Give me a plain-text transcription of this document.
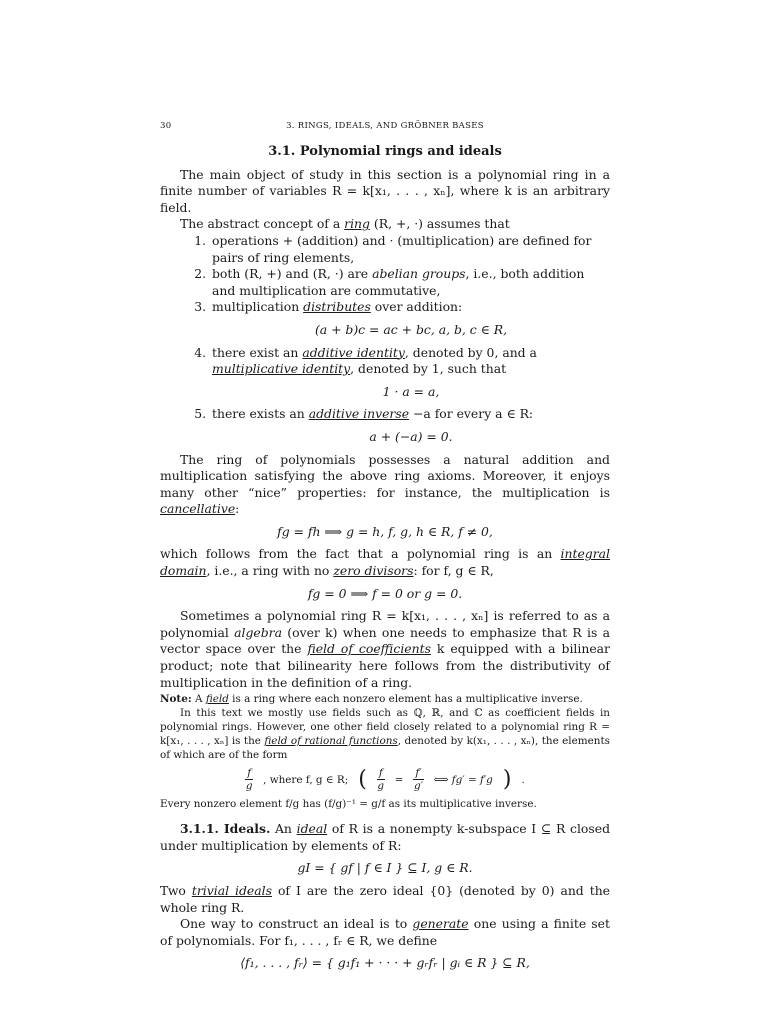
30	3. RINGS, IDEALS, AND GRÖBNER BASES
3.1. Polynomial rings and ideals

The main object of study in this section is a polynomial ring in a finite number of variables R = k[x₁, . . . , xₙ], where k is an arbitrary field.

The abstract concept of a ring (R, +, ·) assumes that

1. operations + (addition) and · (multiplication) are defined for pairs of ring elements,
2. both (R, +) and (R, ·) are abelian groups, i.e., both addition and multiplication are commutative,
3. multiplication distributes over addition:
(a + b)c = ac + bc, a, b, c ∈ R,
4. there exist an additive identity, denoted by 0, and a multiplicative identity, denoted by 1, such that
1 · a = a,
5. there exists an additive inverse −a for every a ∈ R:
a + (−a) = 0.

The ring of polynomials possesses a natural addition and multiplication satisfying the above ring axioms. Moreover, it enjoys many other “nice” properties: for instance, the multiplication is cancellative:

fg = fh ⟹ g = h, f, g, h ∈ R, f ≠ 0,

which follows from the fact that a polynomial ring is an integral domain, i.e., a ring with no zero divisors: for f, g ∈ R,

fg = 0 ⟹ f = 0 or g = 0.

Sometimes a polynomial ring R = k[x₁, . . . , xₙ] is referred to as a polynomial algebra (over k) when one needs to emphasize that R is a vector space over the field of coefficients k equipped with a bilinear product; note that bilinearity here follows from the distributivity of multiplication in the definition of a ring.

Note: A field is a ring where each nonzero element has a multiplicative inverse.

In this text we mostly use fields such as ℚ, ℝ, and ℂ as coefficient fields in polynomial rings. However, one other field closely related to a polynomial ring R = k[x₁, . . . , xₙ] is the field of rational functions, denoted by k(x₁, . . . , xₙ), the elements of which are of the form

$\frac{f}{g}$ , where f, g ∈ R; ( $\frac{f}{g} = \frac{f'}{g'}$ ⟺ fg′ = f′g ) .
Every nonzero element f/g has (f/g)⁻¹ = g/f as its multiplicative inverse.

3.1.1. Ideals. An ideal of R is a nonempty k-subspace I ⊆ R closed under multiplication by elements of R:

gI = { gf | f ∈ I } ⊆ I, g ∈ R.

Two trivial ideals of I are the zero ideal {0} (denoted by 0) and the whole ring R.

One way to construct an ideal is to generate one using a finite set of polynomials. For f₁, . . . , fᵣ ∈ R, we define

⟨f₁, . . . , fᵣ⟩ = { g₁f₁ + · · · + gᵣfᵣ | gᵢ ∈ R } ⊆ R,
